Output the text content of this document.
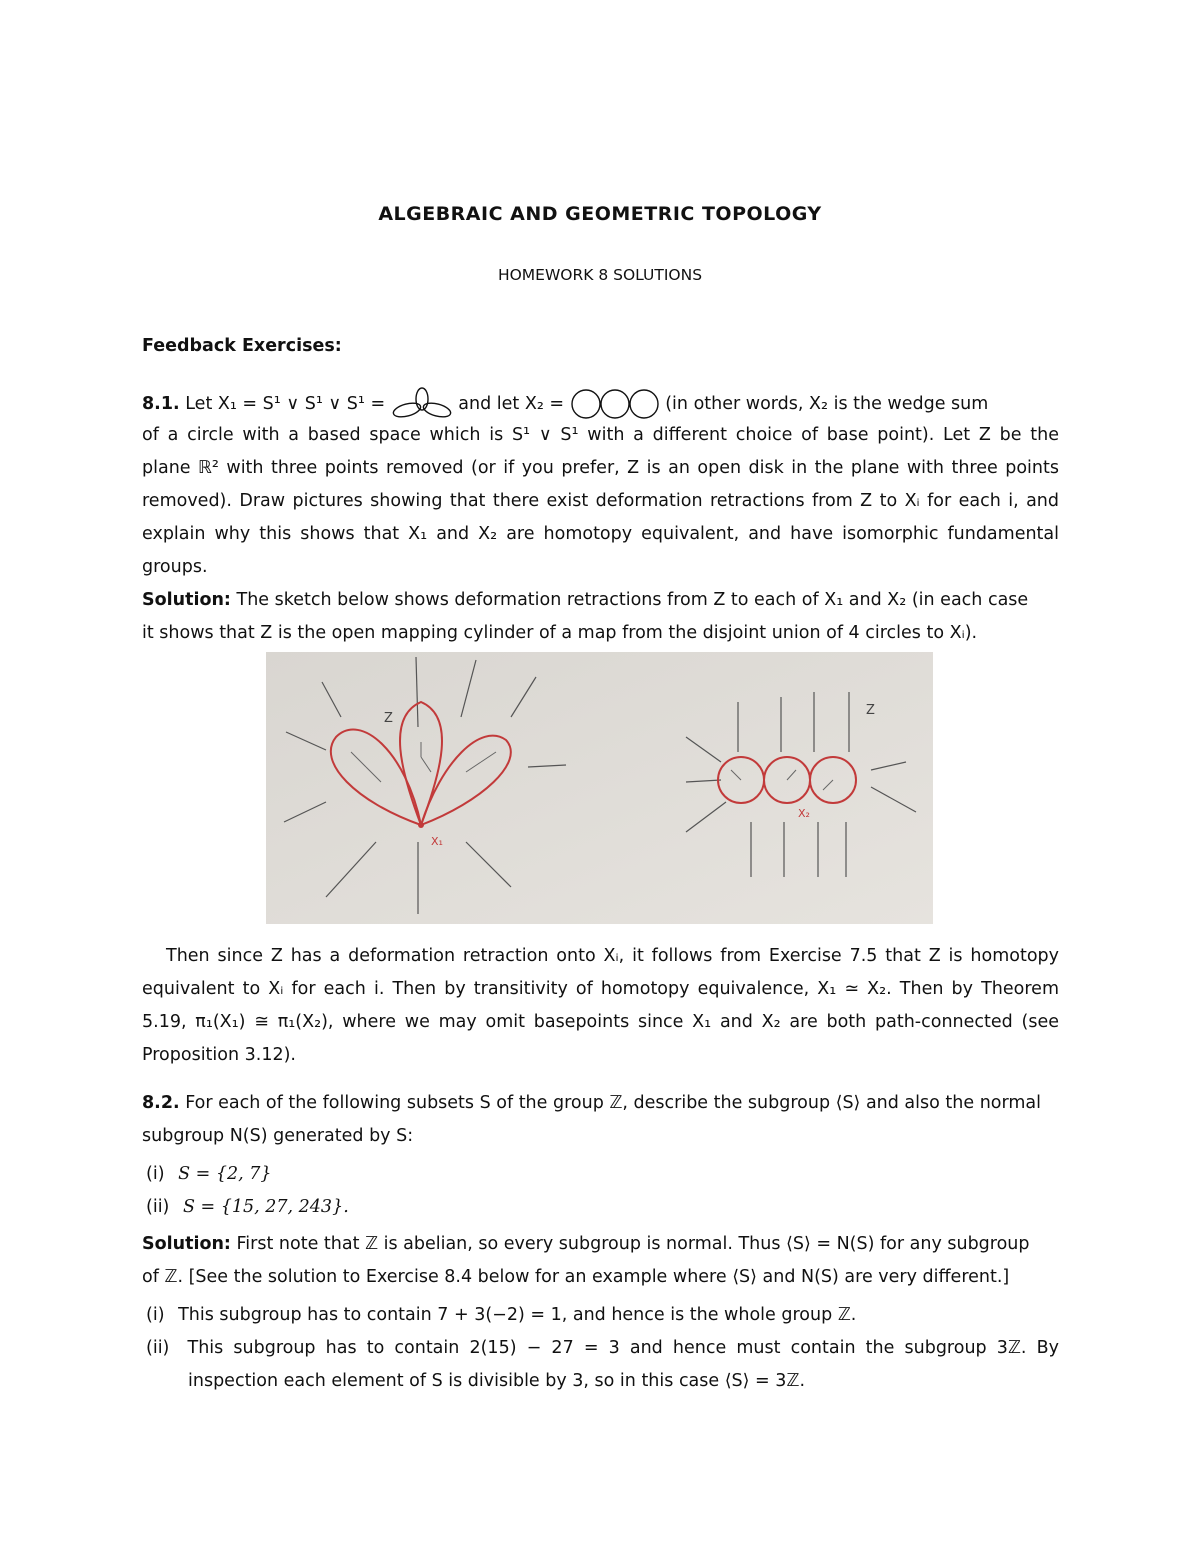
ALGEBRAIC AND GEOMETRIC TOPOLOGY
HOMEWORK 8 SOLUTIONS
Feedback Exercises:
8.1. Let X₁ = S¹ ∨ S¹ ∨ S¹ =	and let X₂ =	(in other words, X₂ is the wedge sum
of a circle with a based space which is S¹ ∨ S¹ with a different choice of base point). Let Z be the
plane ℝ² with three points removed (or if you prefer, Z is an open disk in the plane with three points
removed). Draw pictures showing that there exist deformation retractions from Z to Xᵢ for each i, and
explain why this shows that X₁ and X₂ are homotopy equivalent, and have isomorphic fundamental
groups.
Solution: The sketch below shows deformation retractions from Z to each of X₁ and X₂ (in each case
it shows that Z is the open mapping cylinder of a map from the disjoint union of 4 circles to Xᵢ).
Z
X₁
Z
X₂
Then since Z has a deformation retraction onto Xᵢ, it follows from Exercise 7.5 that Z is homotopy
equivalent to Xᵢ for each i. Then by transitivity of homotopy equivalence, X₁ ≃ X₂. Then by Theorem
5.19, π₁(X₁) ≅ π₁(X₂), where we may omit basepoints since X₁ and X₂ are both path-connected (see
Proposition 3.12).
8.2. For each of the following subsets S of the group ℤ, describe the subgroup ⟨S⟩ and also the normal
subgroup N(S) generated by S:
(i) S = {2, 7}
(ii) S = {15, 27, 243}.
Solution: First note that ℤ is abelian, so every subgroup is normal. Thus ⟨S⟩ = N(S) for any subgroup
of ℤ. [See the solution to Exercise 8.4 below for an example where ⟨S⟩ and N(S) are very different.]
(i) This subgroup has to contain 7 + 3(−2) = 1, and hence is the whole group ℤ.
(ii) This subgroup has to contain 2(15) − 27 = 3 and hence must contain the subgroup 3ℤ. By
inspection each element of S is divisible by 3, so in this case ⟨S⟩ = 3ℤ.
